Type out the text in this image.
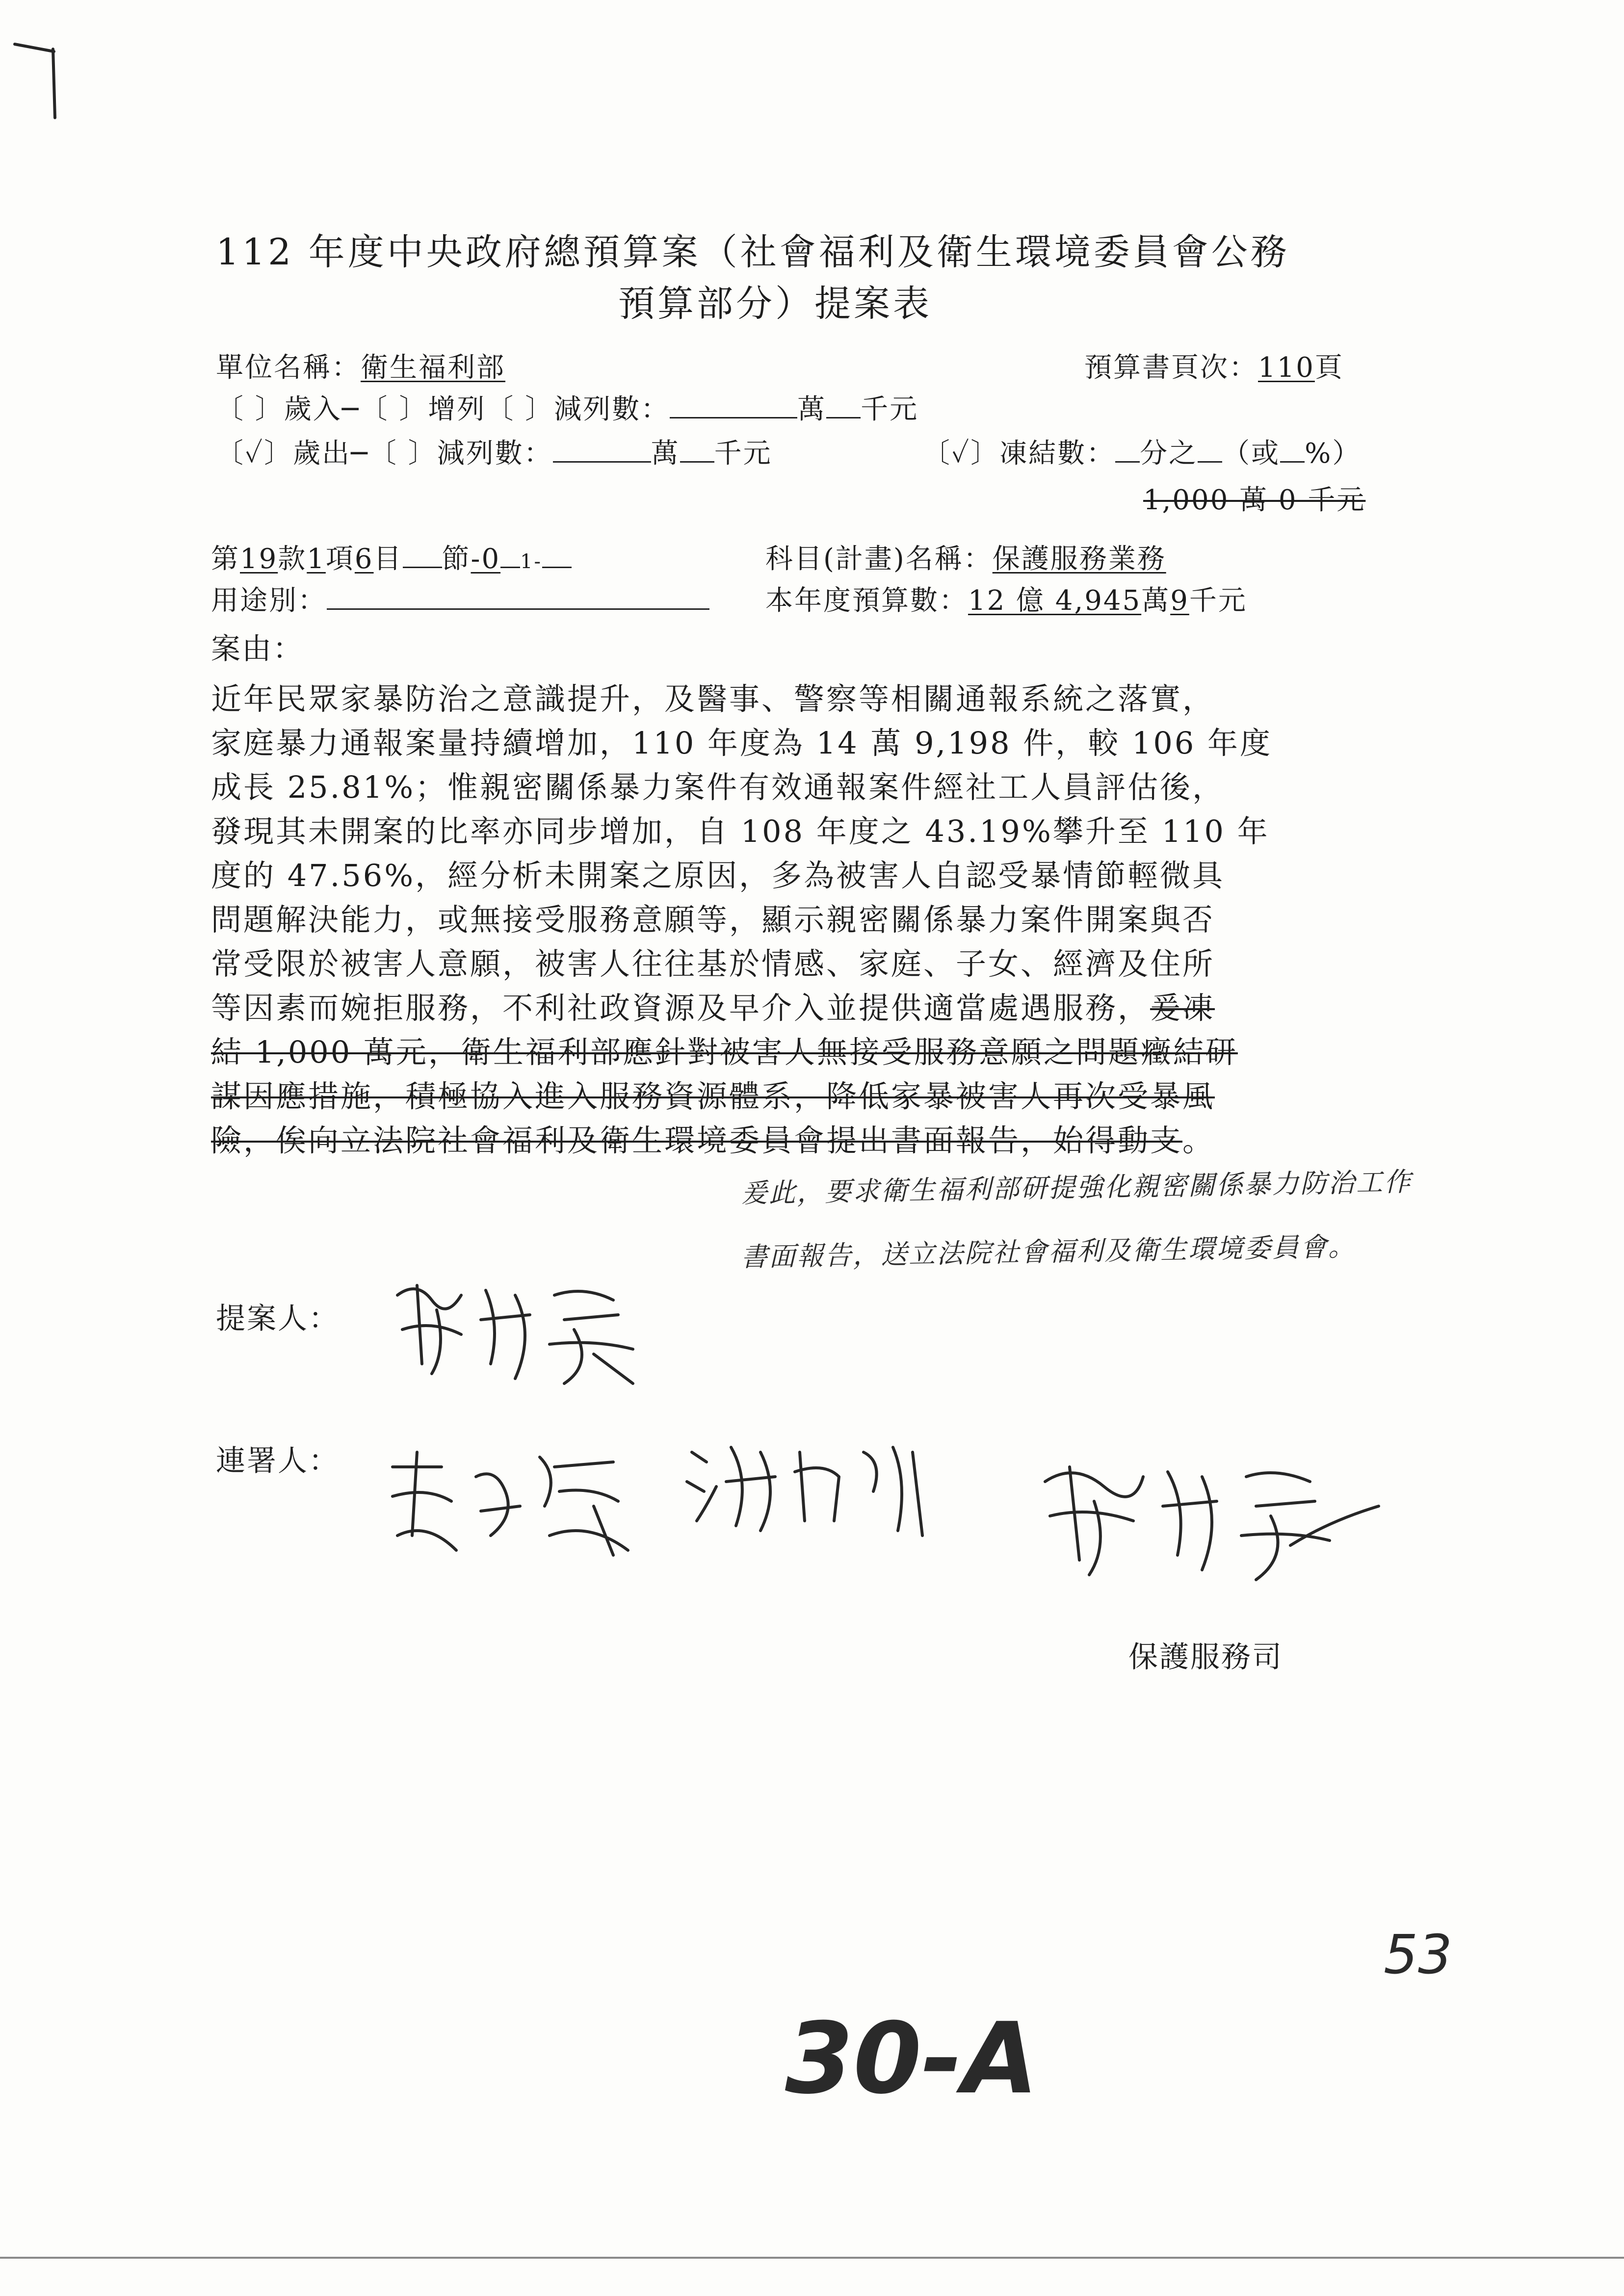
112 年度中央政府總預算案（社會福利及衛生環境委員會公務
預算部分）提案表
單位名稱：衛生福利部	預算書頁次：110頁
〔 〕歲入─〔 〕增列〔 〕減列數：	萬 千元
〔✓〕歲出─〔 〕減列數：	萬 千元	〔✓〕凍結數： 分之 （或 %）
1,000 萬 0 千元
第19款1項6目 節-0 1-	科目(計畫)名稱：保護服務業務
用途別：	本年度預算數：12 億 4,945萬9千元
案由：
近年民眾家暴防治之意識提升，及醫事、警察等相關通報系統之落實，
家庭暴力通報案量持續增加，110 年度為 14 萬 9,198 件，較 106 年度
成長 25.81%；惟親密關係暴力案件有效通報案件經社工人員評估後，
發現其未開案的比率亦同步增加，自 108 年度之 43.19%攀升至 110 年
度的 47.56%，經分析未開案之原因，多為被害人自認受暴情節輕微具
問題解決能力，或無接受服務意願等，顯示親密關係暴力案件開案與否
常受限於被害人意願，被害人往往基於情感、家庭、子女、經濟及住所
等因素而婉拒服務，不利社政資源及早介入並提供適當處遇服務，爰凍
結 1,000 萬元，衛生福利部應針對被害人無接受服務意願之問題癥結研
謀因應措施，積極協入進入服務資源體系，降低家暴被害人再次受暴風
險，俟向立法院社會福利及衛生環境委員會提出書面報告，始得動支。
爰此，要求衛生福利部研提強化親密關係暴力防治工作
書面報告，送立法院社會福利及衛生環境委員會。
提案人：
連署人：
保護服務司
53
30-A
